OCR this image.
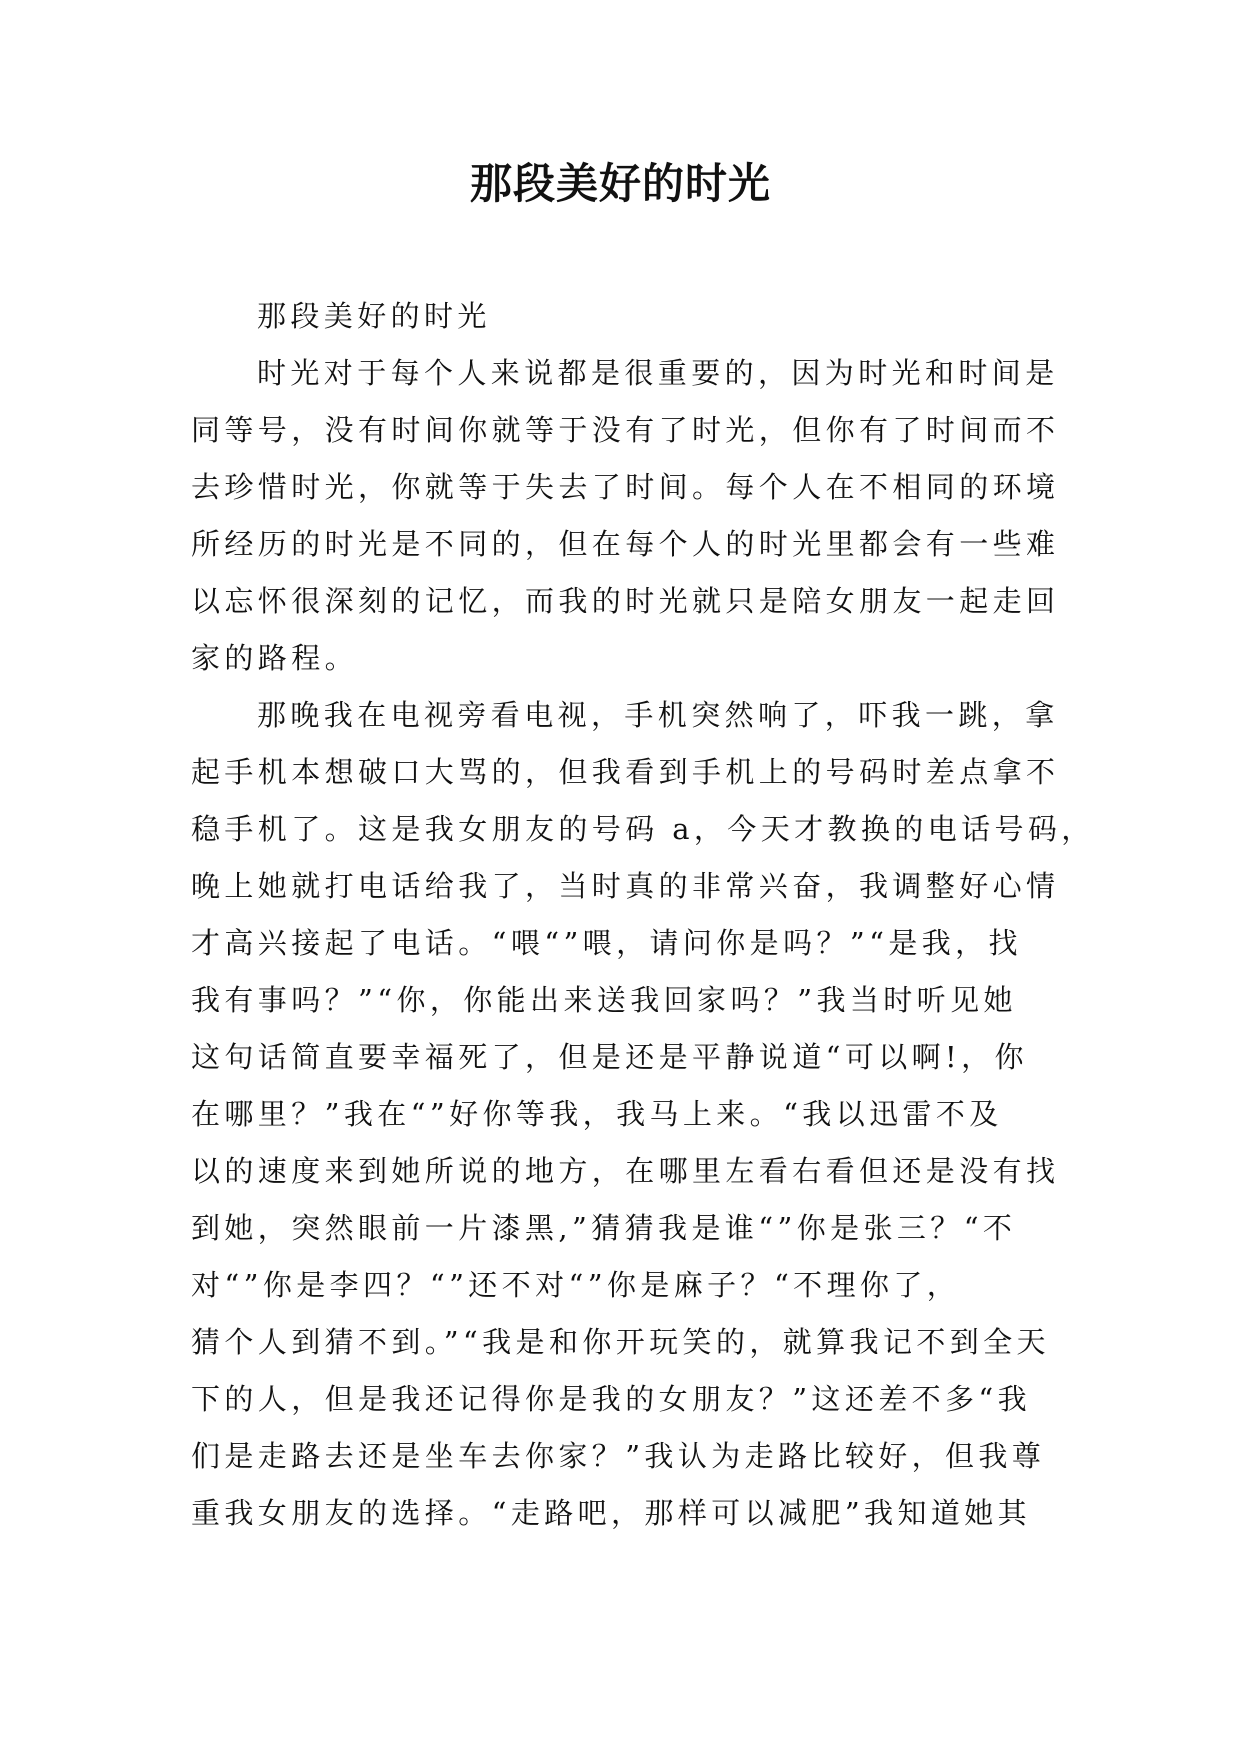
那段美好的时光
那段美好的时光
时光对于每个人来说都是很重要的，因为时光和时间是
同等号，没有时间你就等于没有了时光，但你有了时间而不
去珍惜时光，你就等于失去了时间。每个人在不相同的环境
所经历的时光是不同的，但在每个人的时光里都会有一些难
以忘怀很深刻的记忆，而我的时光就只是陪女朋友一起走回
家的路程。
那晚我在电视旁看电视，手机突然响了，吓我一跳，拿
起手机本想破口大骂的，但我看到手机上的号码时差点拿不
稳手机了。这是我女朋友的号码 a，今天才教换的电话号码，
晚上她就打电话给我了，当时真的非常兴奋，我调整好心情
才高兴接起了电话。“喂“”喂，请问你是吗？”“是我，找
我有事吗？”“你，你能出来送我回家吗？”我当时听见她
这句话简直要幸福死了，但是还是平静说道“可以啊!，你
在哪里？”我在“”好你等我，我马上来。“我以迅雷不及
以的速度来到她所说的地方，在哪里左看右看但还是没有找
到她，突然眼前一片漆黑,”猜猜我是谁“”你是张三？“不
对“”你是李四？“”还不对“”你是麻子？“不理你了，
猜个人到猜不到。”“我是和你开玩笑的，就算我记不到全天
下的人，但是我还记得你是我的女朋友？”这还差不多“我
们是走路去还是坐车去你家？”我认为走路比较好，但我尊
重我女朋友的选择。“走路吧，那样可以减肥”我知道她其
